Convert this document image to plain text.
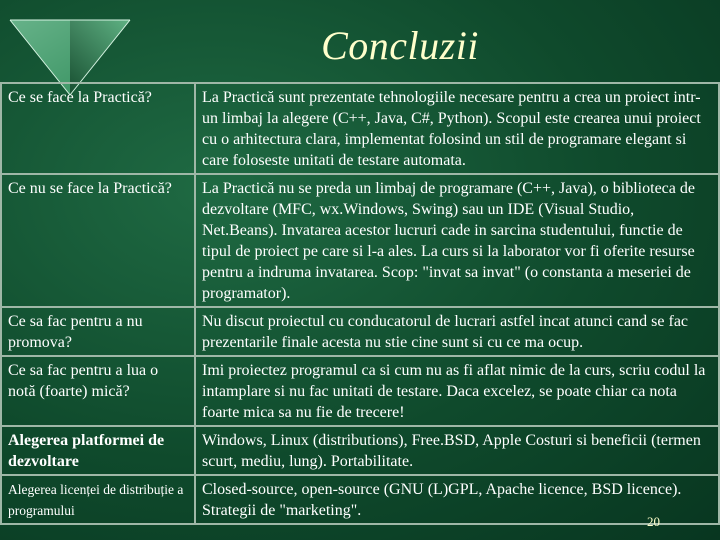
Concluzii
Ce se face la Practică?	La Practică sunt prezentate tehnologiile necesare pentru a crea un proiect intr-un limbaj la alegere (C++, Java, C#, Python). Scopul este crearea unui proiect cu o arhitectura clara, implementat folosind un stil de programare elegant si care foloseste unitati de testare automata.
Ce nu se face la Practică?	La Practică nu se preda un limbaj de programare (C++, Java), o biblioteca de dezvoltare (MFC, wx.Windows, Swing) sau un IDE (Visual Studio, Net.Beans). Invatarea acestor lucruri cade in sarcina studentului, functie de tipul de proiect pe care si l-a ales. La curs si la laborator vor fi oferite resurse pentru a indruma invatarea. Scop: "invat sa invat" (o constanta a meseriei de programator).
Ce sa fac pentru a nu promova?	Nu discut proiectul cu conducatorul de lucrari astfel incat atunci cand se fac prezentarile finale acesta nu stie cine sunt si cu ce ma ocup.
Ce sa fac pentru a lua o notă (foarte) mică?	Imi proiectez programul ca si cum nu as fi aflat nimic de la curs, scriu codul la intamplare si nu fac unitati de testare. Daca excelez, se poate chiar ca nota foarte mica sa nu fie de trecere!
Alegerea platformei de dezvoltare	Windows, Linux (distributions), Free.BSD, Apple Costuri si beneficii (termen scurt, mediu, lung). Portabilitate.
Alegerea licenței de distribuție a programului	Closed-source, open-source (GNU (L)GPL, Apache licence, BSD licence). Strategii de "marketing".
20
